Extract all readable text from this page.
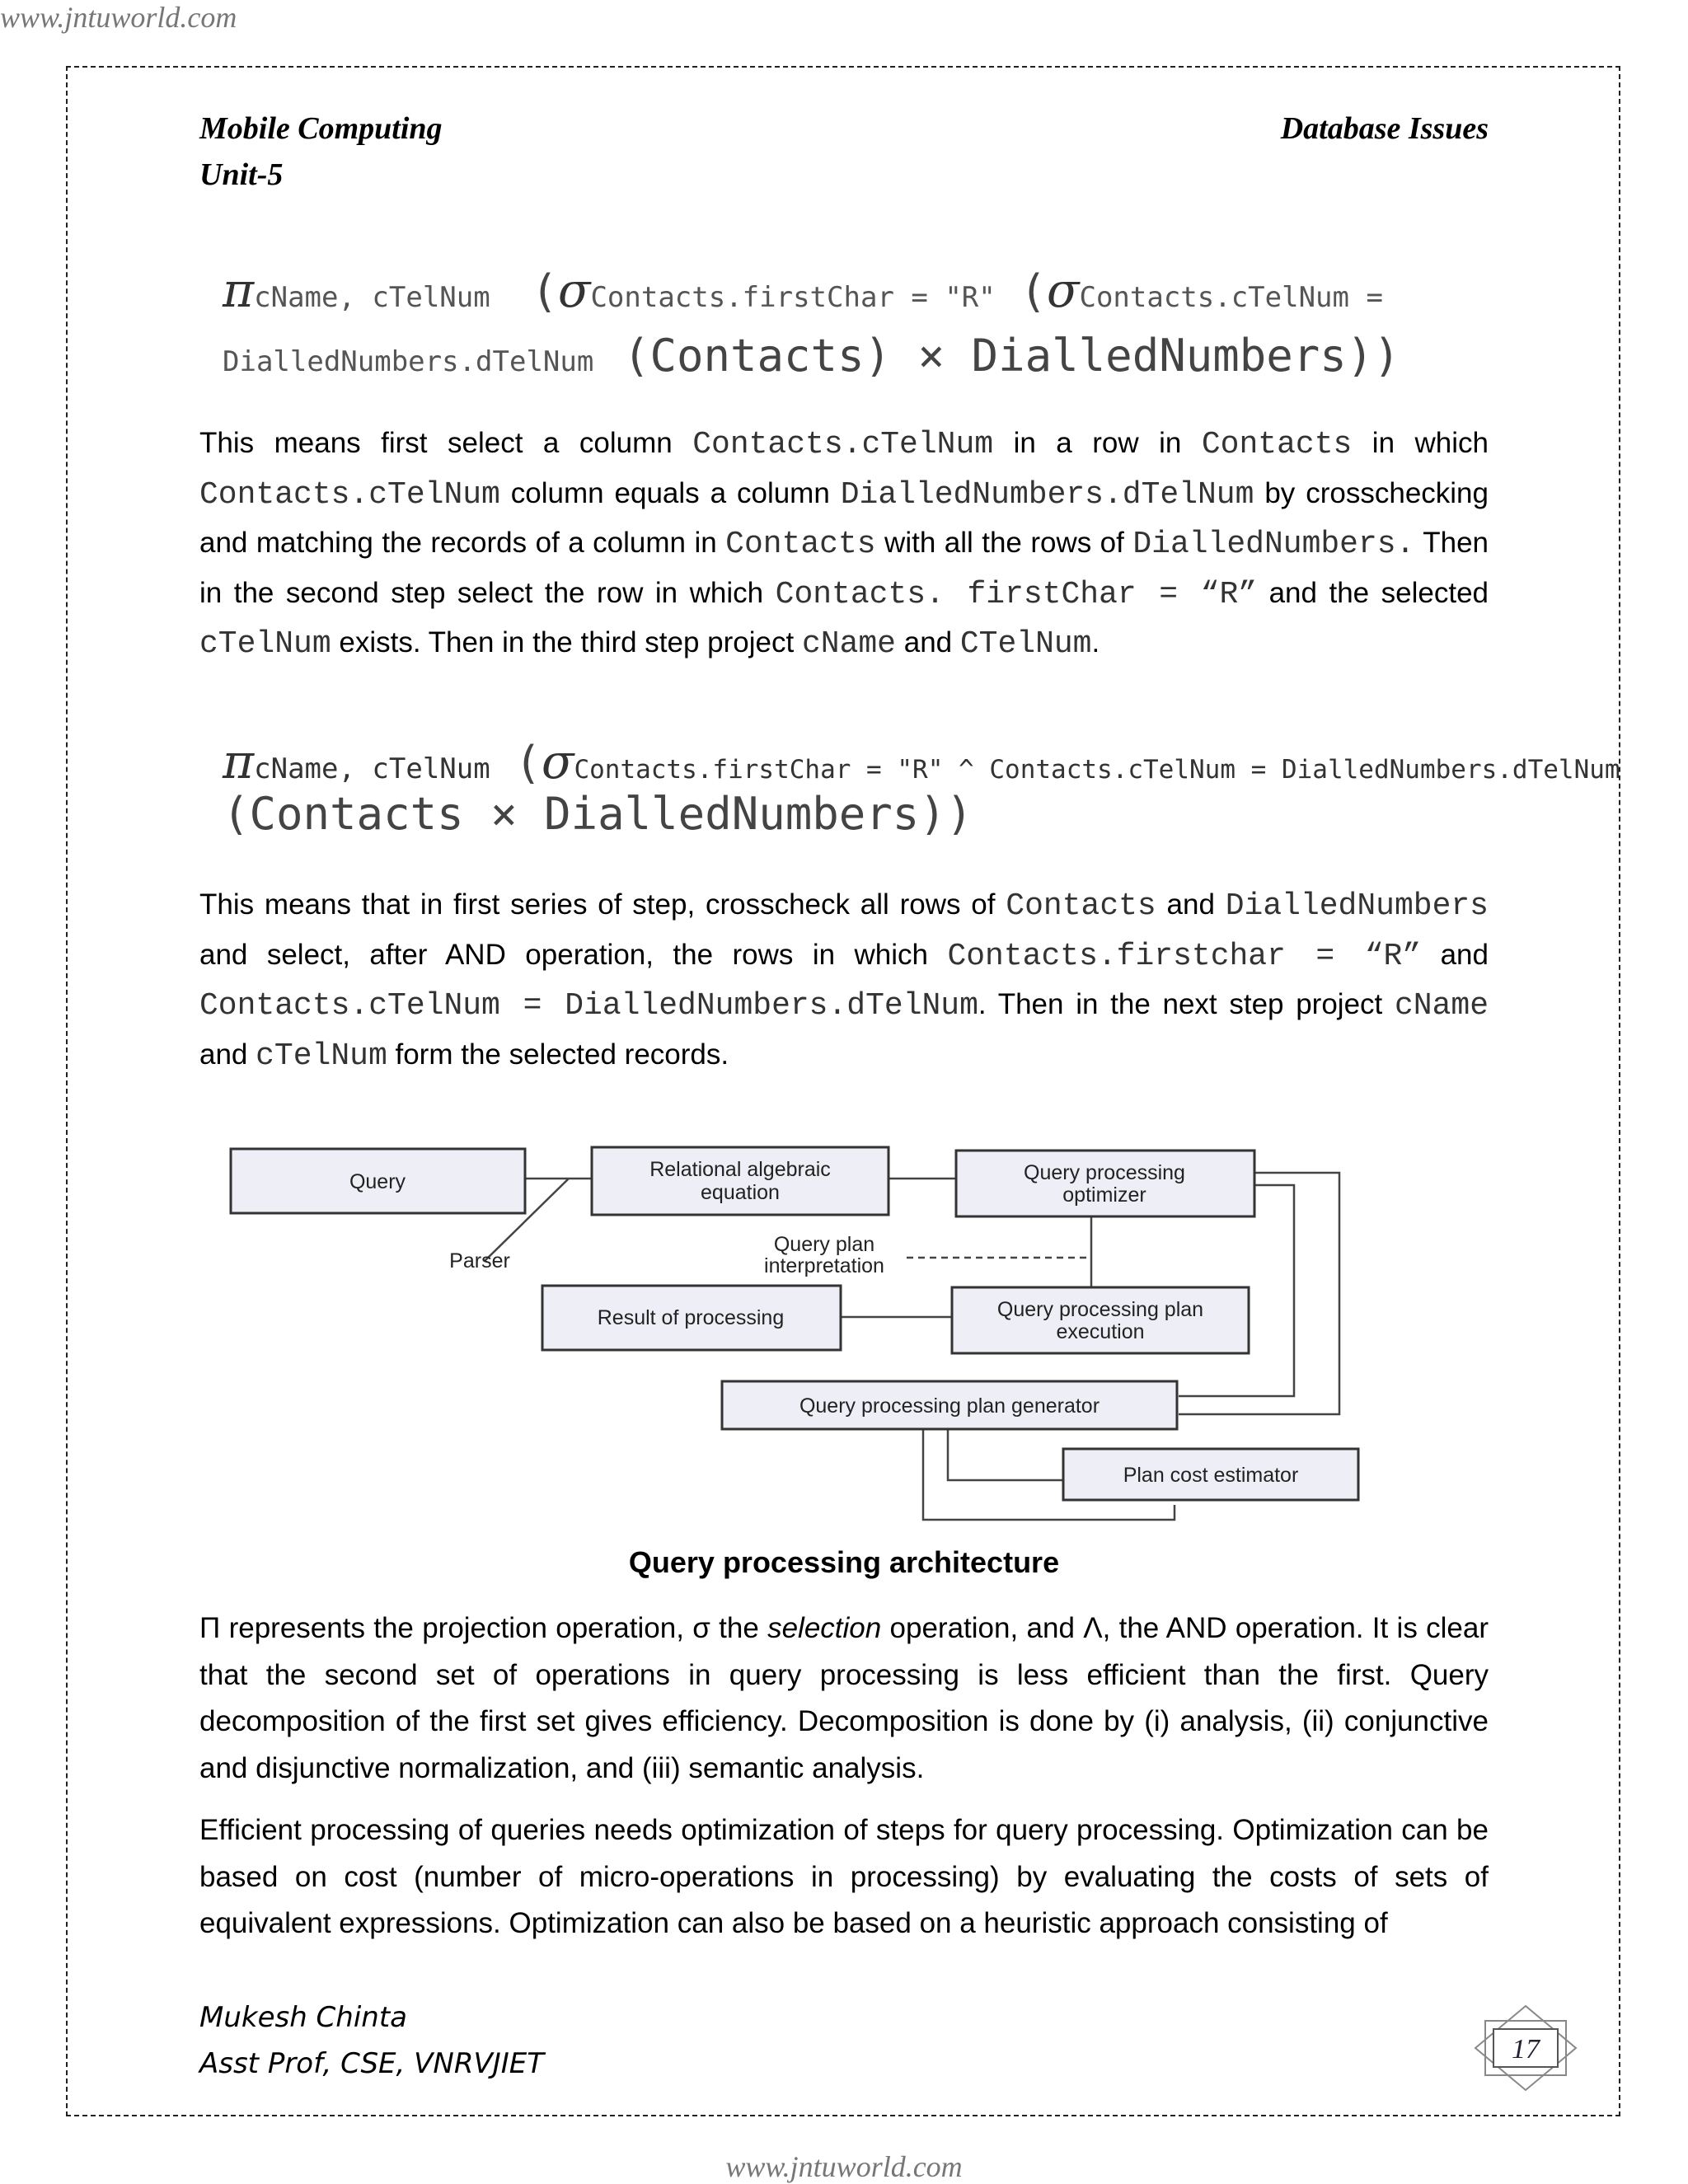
www.jntuworld.com
Mobile Computing
Unit-5
Database Issues
πcName, cTelNum (σContacts.firstChar = "R" (σContacts.cTelNum =
DialledNumbers.dTelNum (Contacts) × DialledNumbers))
This means first select a column Contacts.cTelNum in a row in Contacts in which Contacts.cTelNum column equals a column DialledNumbers.dTelNum by crosschecking and matching the records of a column in Contacts with all the rows of DialledNumbers. Then in the second step select the row in which Contacts. firstChar = “R” and the selected cTelNum exists. Then in the third step project cName and CTelNum.
πcName, cTelNum (σContacts.firstChar = "R" ^ Contacts.cTelNum = DialledNumbers.dTelNum
(Contacts × DialledNumbers))
This means that in first series of step, crosscheck all rows of Contacts and DialledNumbers and select, after AND operation, the rows in which Contacts.firstchar = “R” and Contacts.cTelNum = DialledNumbers.dTelNum. Then in the next step project cName and cTelNum form the selected records.
Query
Relational algebraic
equation
Query processing
optimizer
Parser
Query plan
interpretation
Result of processing	Query processing plan
execution
Query processing plan generator
Plan cost estimator
Query processing architecture
Π represents the projection operation, σ the selection operation, and Λ, the AND operation. It is clear that the second set of operations in query processing is less efficient than the first. Query decomposition of the first set gives efficiency. Decomposition is done by (i) analysis, (ii) conjunctive and disjunctive normalization, and (iii) semantic analysis.
Efficient processing of queries needs optimization of steps for query processing. Optimization can be based on cost (number of micro-operations in processing) by evaluating the costs of sets of equivalent expressions. Optimization can also be based on a heuristic approach consisting of
Mukesh Chinta
Asst Prof, CSE, VNRVJIET	17
www.jntuworld.com
